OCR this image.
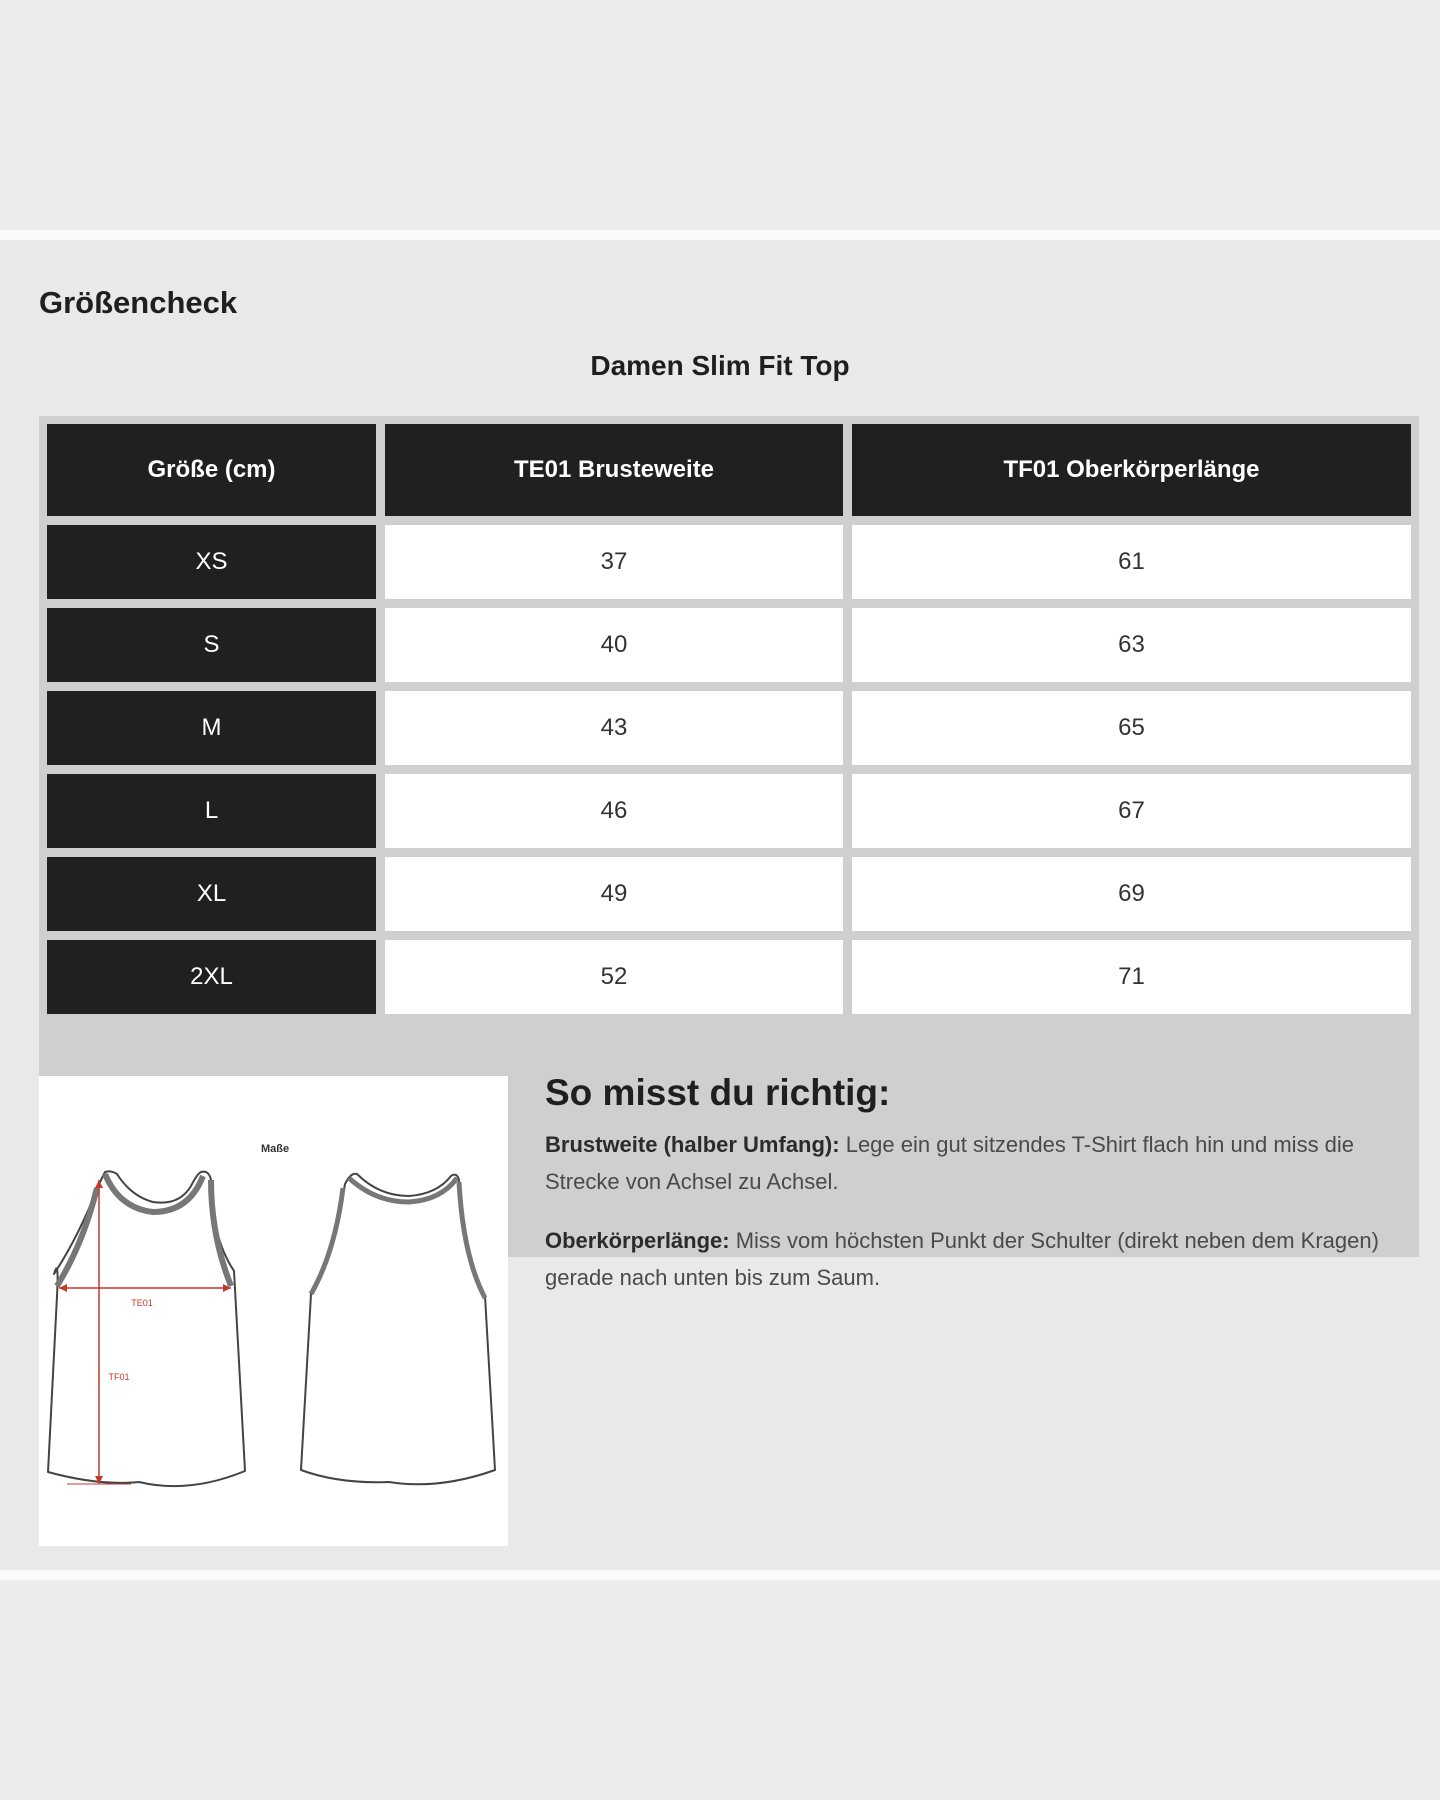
Größencheck
Damen Slim Fit Top
Größe (cm)	TE01 Brusteweite	TF01 Oberkörperlänge
XS	37	61
S	40	63
M	43	65
L	46	67
XL	49	69
2XL	52	71
Maße
TE01
TF01
So misst du richtig:

Brustweite (halber Umfang): Lege ein gut sitzendes T-Shirt flach hin und miss die Strecke von Achsel zu Achsel.

Oberkörperlänge: Miss vom höchsten Punkt der Schulter (direkt neben dem Kragen) gerade nach unten bis zum Saum.
